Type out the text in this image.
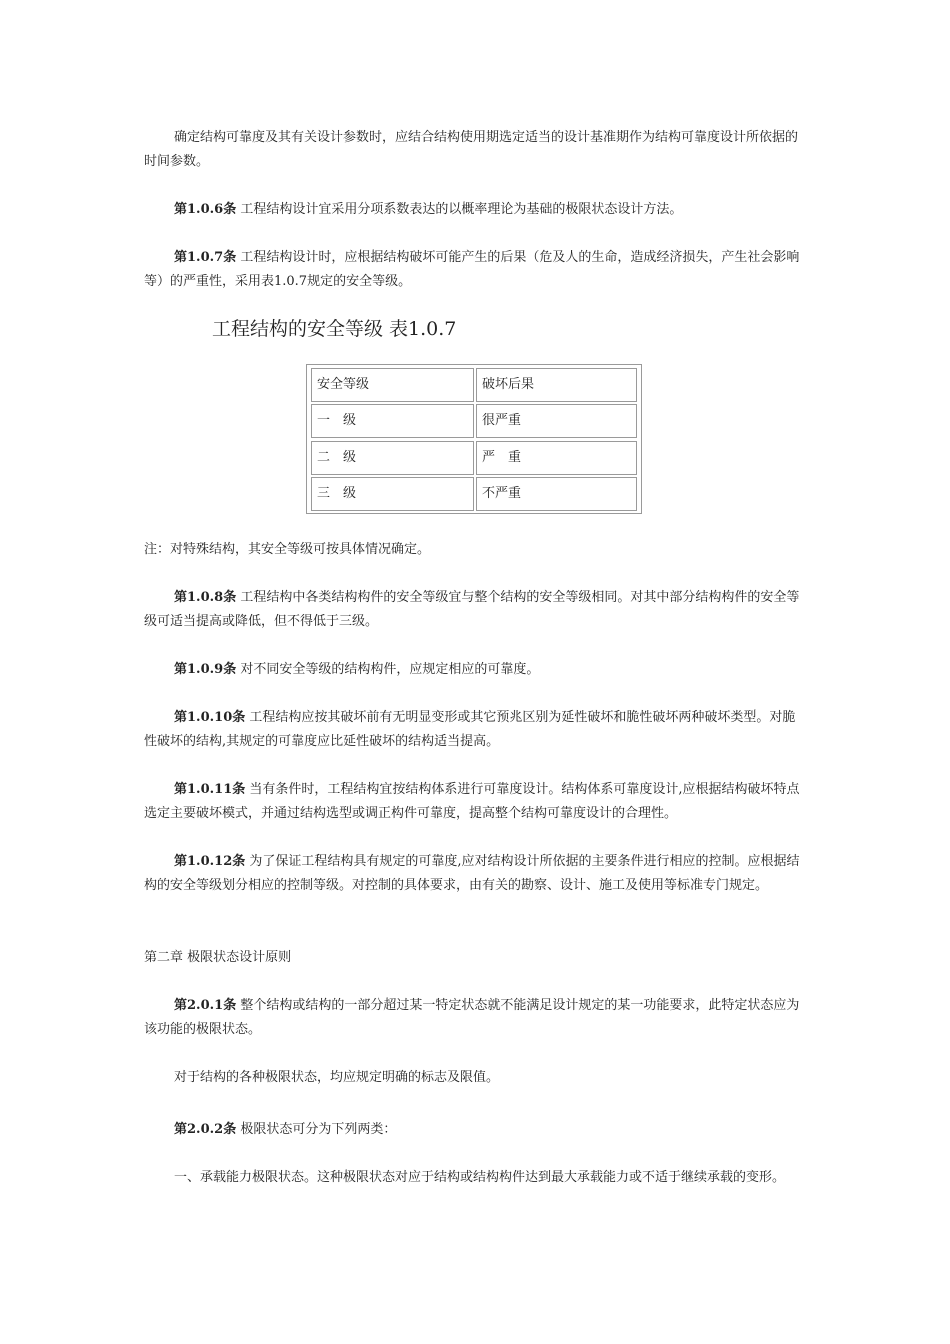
确定结构可靠度及其有关设计参数时，应结合结构使用期选定适当的设计基准期作为结构可靠度设计所依据的时间参数。

第1.0.6条 工程结构设计宜采用分项系数表达的以概率理论为基础的极限状态设计方法。

第1.0.7条 工程结构设计时，应根据结构破坏可能产生的后果（危及人的生命，造成经济损失，产生社会影响等）的严重性，采用表1.0.7规定的安全等级。

工程结构的安全等级 表1.0.7

安全等级	破坏后果
一　级	很严重
二　级	严　重
三　级	不严重

注：对特殊结构，其安全等级可按具体情况确定。

第1.0.8条 工程结构中各类结构构件的安全等级宜与整个结构的安全等级相同。对其中部分结构构件的安全等级可适当提高或降低，但不得低于三级。

第1.0.9条 对不同安全等级的结构构件，应规定相应的可靠度。

第1.0.10条 工程结构应按其破坏前有无明显变形或其它预兆区别为延性破坏和脆性破坏两种破坏类型。对脆性破坏的结构,其规定的可靠度应比延性破坏的结构适当提高。

第1.0.11条 当有条件时，工程结构宜按结构体系进行可靠度设计。结构体系可靠度设计,应根据结构破坏特点选定主要破坏模式，并通过结构选型或调正构件可靠度，提高整个结构可靠度设计的合理性。

第1.0.12条 为了保证工程结构具有规定的可靠度,应对结构设计所依据的主要条件进行相应的控制。应根据结构的安全等级划分相应的控制等级。对控制的具体要求，由有关的勘察、设计、施工及使用等标准专门规定。

第二章 极限状态设计原则

第2.0.1条 整个结构或结构的一部分超过某一特定状态就不能满足设计规定的某一功能要求，此特定状态应为该功能的极限状态。

对于结构的各种极限状态，均应规定明确的标志及限值。

第2.0.2条 极限状态可分为下列两类：

一、承载能力极限状态。这种极限状态对应于结构或结构构件达到最大承载能力或不适于继续承载的变形。
